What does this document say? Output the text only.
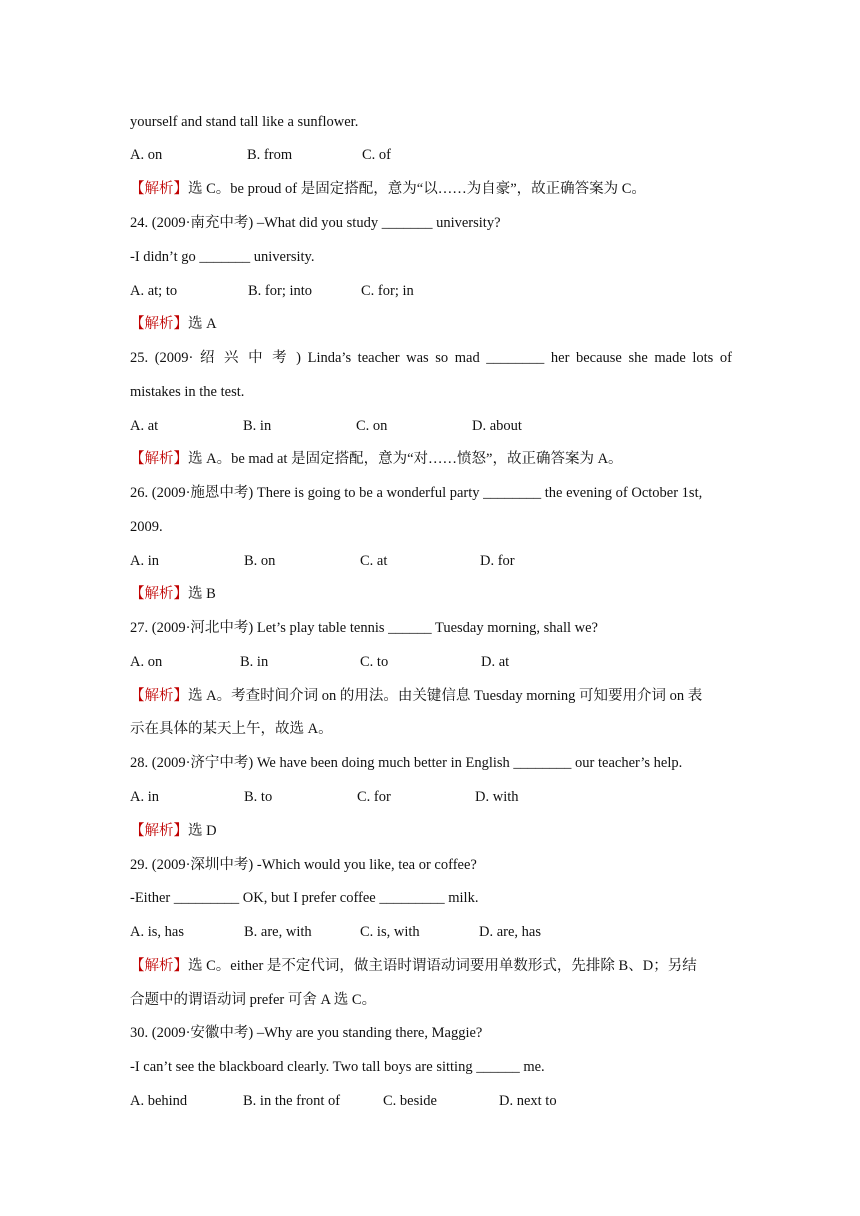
yourself and stand tall like a sunflower.
A. on	B. from	C. of
【解析】选 C。be proud of 是固定搭配，意为“以……为自豪”，故正确答案为 C。
24. (2009·南充中考) –What did you study _______ university?
-I didn’t go _______ university.
A. at; to	B. for; into	C. for; in
【解析】选 A
25. (2009· 绍 兴 中 考 ) Linda’s teacher was so mad ________ her because she made lots of
mistakes in the test.
A. at	B. in	C. on	D. about
【解析】选 A。be mad at 是固定搭配，意为“对……愤怒”，故正确答案为 A。
26. (2009·施恩中考) There is going to be a wonderful party ________ the evening of October 1st,
2009.
A. in	B. on	C. at	D. for
【解析】选 B
27. (2009·河北中考) Let’s play table tennis ______ Tuesday morning, shall we?
A. on	B. in	C. to	D. at
【解析】选 A。考查时间介词 on 的用法。由关键信息 Tuesday morning 可知要用介词 on 表
示在具体的某天上午，故选 A。
28. (2009·济宁中考) We have been doing much better in English ________ our teacher’s help.
A. in	B. to	C. for	D. with
【解析】选 D
29. (2009·深圳中考) -Which would you like, tea or coffee?
-Either _________ OK, but I prefer coffee _________ milk.
A. is, has	B. are, with	C. is, with	D. are, has
【解析】选 C。either 是不定代词，做主语时谓语动词要用单数形式，先排除 B、D；另结
合题中的谓语动词 prefer 可舍 A 选 C。
30. (2009·安徽中考) –Why are you standing there, Maggie?
-I can’t see the blackboard clearly. Two tall boys are sitting ______ me.
A. behind	B. in the front of	C. beside	D. next to
